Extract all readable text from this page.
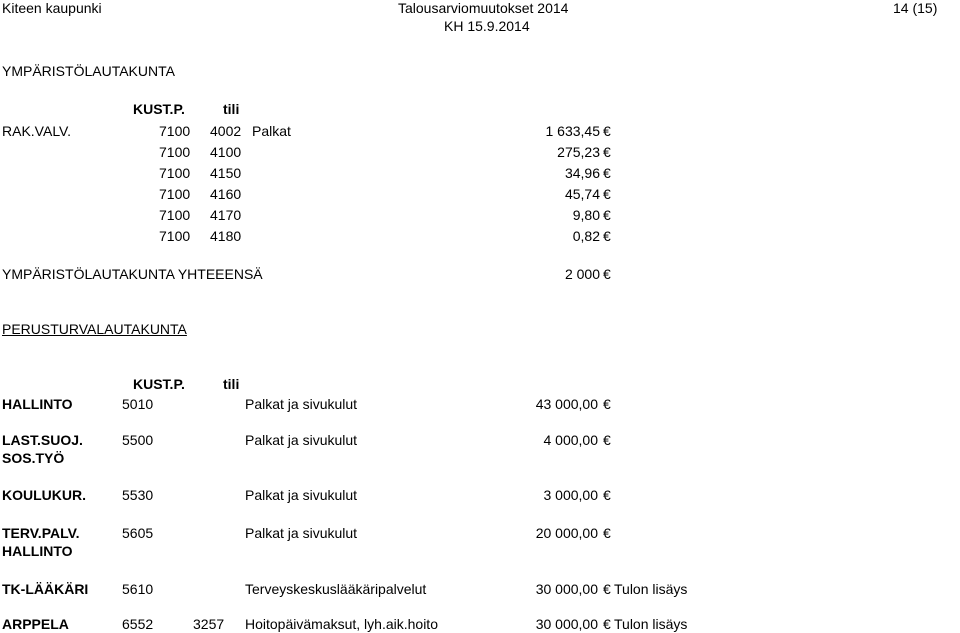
Kiteen kaupunki	Talousarviomuutokset 2014
KH 15.9.2014
14 (15)
YMPÄRISTÖLAUTAKUNTA
KUST.P.	tili
RAK.VALV.	7100 4002 Palkat	1 633,45 €
7100 4100	275,23 €
7100 4150	34,96 €
7100 4160	45,74 €
7100 4170	9,80 €
7100 4180	0,82 €
YMPÄRISTÖLAUTAKUNTA YHTEEENSÄ	2 000 €
PERUSTURVALAUTAKUNTA
KUST.P.	tili
HALLINTO	5010	Palkat ja sivukulut	43 000,00 €
LAST.SUOJ.
SOS.TYÖ
5500	Palkat ja sivukulut	4 000,00 €
KOULUKUR.	5530	Palkat ja sivukulut	3 000,00 €
TERV.PALV.
HALLINTO
5605	Palkat ja sivukulut	20 000,00 €
TK-LÄÄKÄRI 5610	Terveyskeskuslääkäripalvelut	30 000,00 € Tulon lisäys
ARPPELA	6552	3257 Hoitopäivämaksut, lyh.aik.hoito	30 000,00 € Tulon lisäys
